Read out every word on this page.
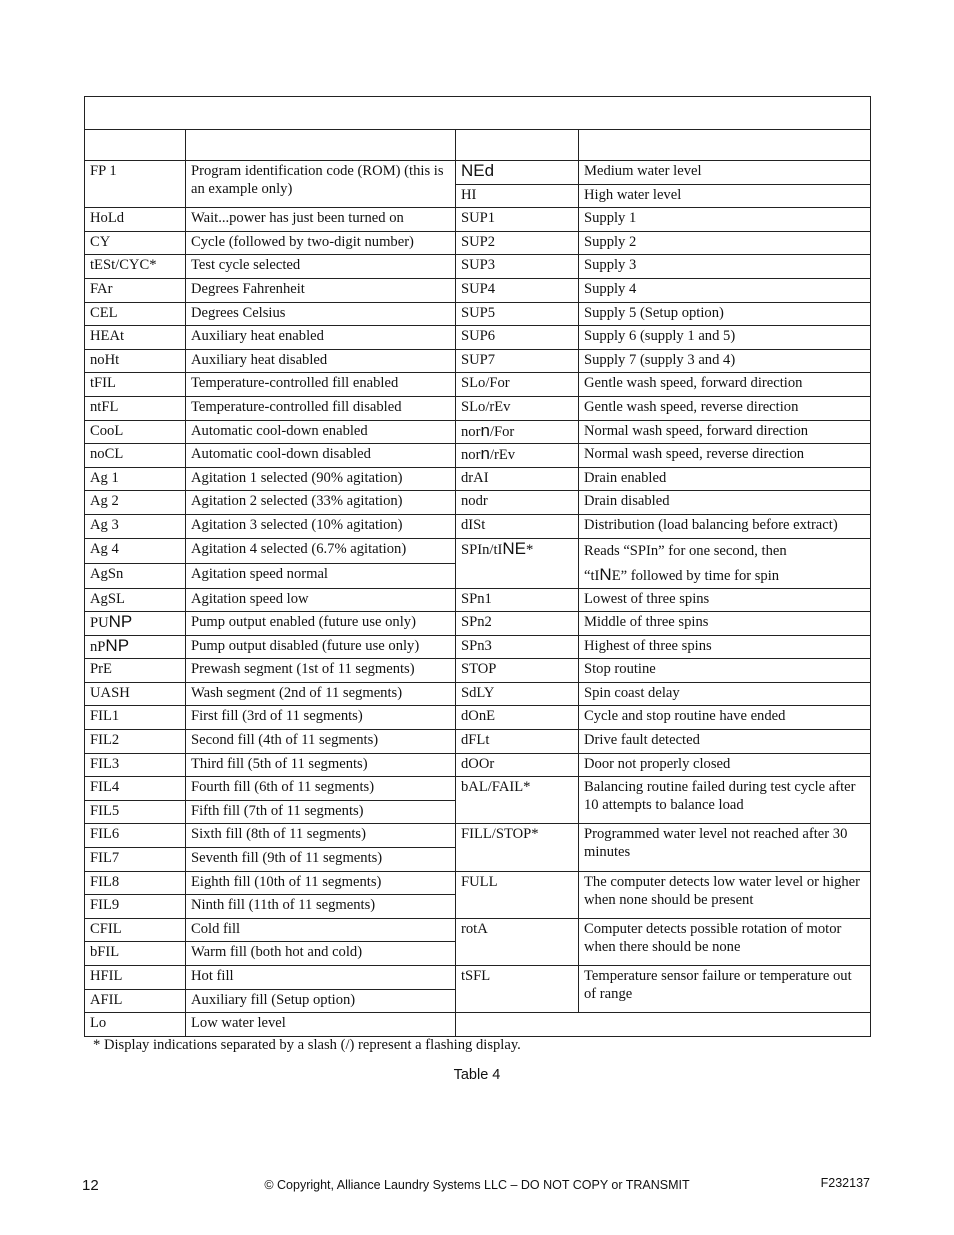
FP 1	Program identification code (ROM) (this is an example only)	NEd	Medium water level
		HI	High water level
HoLd	Wait...power has just been turned on	SUP1	Supply 1
CY	Cycle (followed by two-digit number)	SUP2	Supply 2
tESt/CYC*	Test cycle selected	SUP3	Supply 3
FAr	Degrees Fahrenheit	SUP4	Supply 4
CEL	Degrees Celsius	SUP5	Supply 5 (Setup option)
HEAt	Auxiliary heat enabled	SUP6	Supply 6 (supply 1 and 5)
noHt	Auxiliary heat disabled	SUP7	Supply 7 (supply 3 and 4)
tFIL	Temperature-controlled fill enabled	SLo/For	Gentle wash speed, forward direction
ntFL	Temperature-controlled fill disabled	SLo/rEv	Gentle wash speed, reverse direction
CooL	Automatic cool-down enabled	norn/For	Normal wash speed, forward direction
noCL	Automatic cool-down disabled	norn/rEv	Normal wash speed, reverse direction
Ag 1	Agitation 1 selected (90% agitation)	drAI	Drain enabled
Ag 2	Agitation 2 selected (33% agitation)	nodr	Drain disabled
Ag 3	Agitation 3 selected (10% agitation)	dISt	Distribution (load balancing before extract)
Ag 4	Agitation 4 selected (6.7% agitation)	SPIn/tINE*	Reads “SPIn” for one second, then
“tINE” followed by time for spin
AgSn	Agitation speed normal		
AgSL	Agitation speed low	SPn1	Lowest of three spins
PUNP	Pump output enabled (future use only)	SPn2	Middle of three spins
nPNP	Pump output disabled (future use only)	SPn3	Highest of three spins
PrE	Prewash segment (1st of 11 segments)	STOP	Stop routine
UASH	Wash segment (2nd of 11 segments)	SdLY	Spin coast delay
FIL1	First fill (3rd of 11 segments)	dOnE	Cycle and stop routine have ended
FIL2	Second fill (4th of 11 segments)	dFLt	Drive fault detected
FIL3	Third fill (5th of 11 segments)	dOOr	Door not properly closed
FIL4	Fourth fill (6th of 11 segments)	bAL/FAIL*	Balancing routine failed during test cycle after 10 attempts to balance load
FIL5	Fifth fill (7th of 11 segments)		
FIL6	Sixth fill (8th of 11 segments)	FILL/STOP*	Programmed water level not reached after 30 minutes
FIL7	Seventh fill (9th of 11 segments)		
FIL8	Eighth fill (10th of 11 segments)	FULL	The computer detects low water level or higher when none should be present
FIL9	Ninth fill (11th of 11 segments)		
CFIL	Cold fill	rotA	Computer detects possible rotation of motor when there should be none
bFIL	Warm fill (both hot and cold)		
HFIL	Hot fill	tSFL	Temperature sensor failure or temperature out of range
AFIL	Auxiliary fill (Setup option)		
Lo	Low water level		
* Display indications separated by a slash (/) represent a flashing display.
Table 4
12	© Copyright, Alliance Laundry Systems LLC – DO NOT COPY or TRANSMIT	F232137
